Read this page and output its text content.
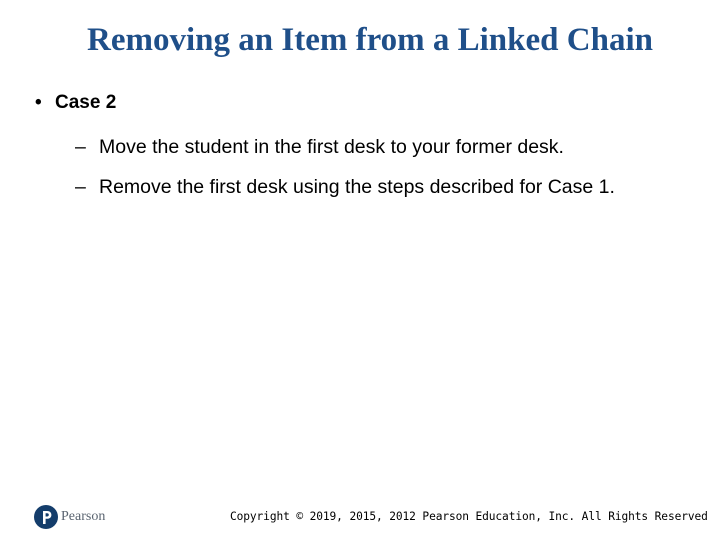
Removing an Item from a Linked Chain
• Case 2
– Move the student in the first desk to your former desk.
– Remove the first desk using the steps described for Case 1.
Pearson	Copyright © 2019, 2015, 2012 Pearson Education, Inc. All Rights Reserved
